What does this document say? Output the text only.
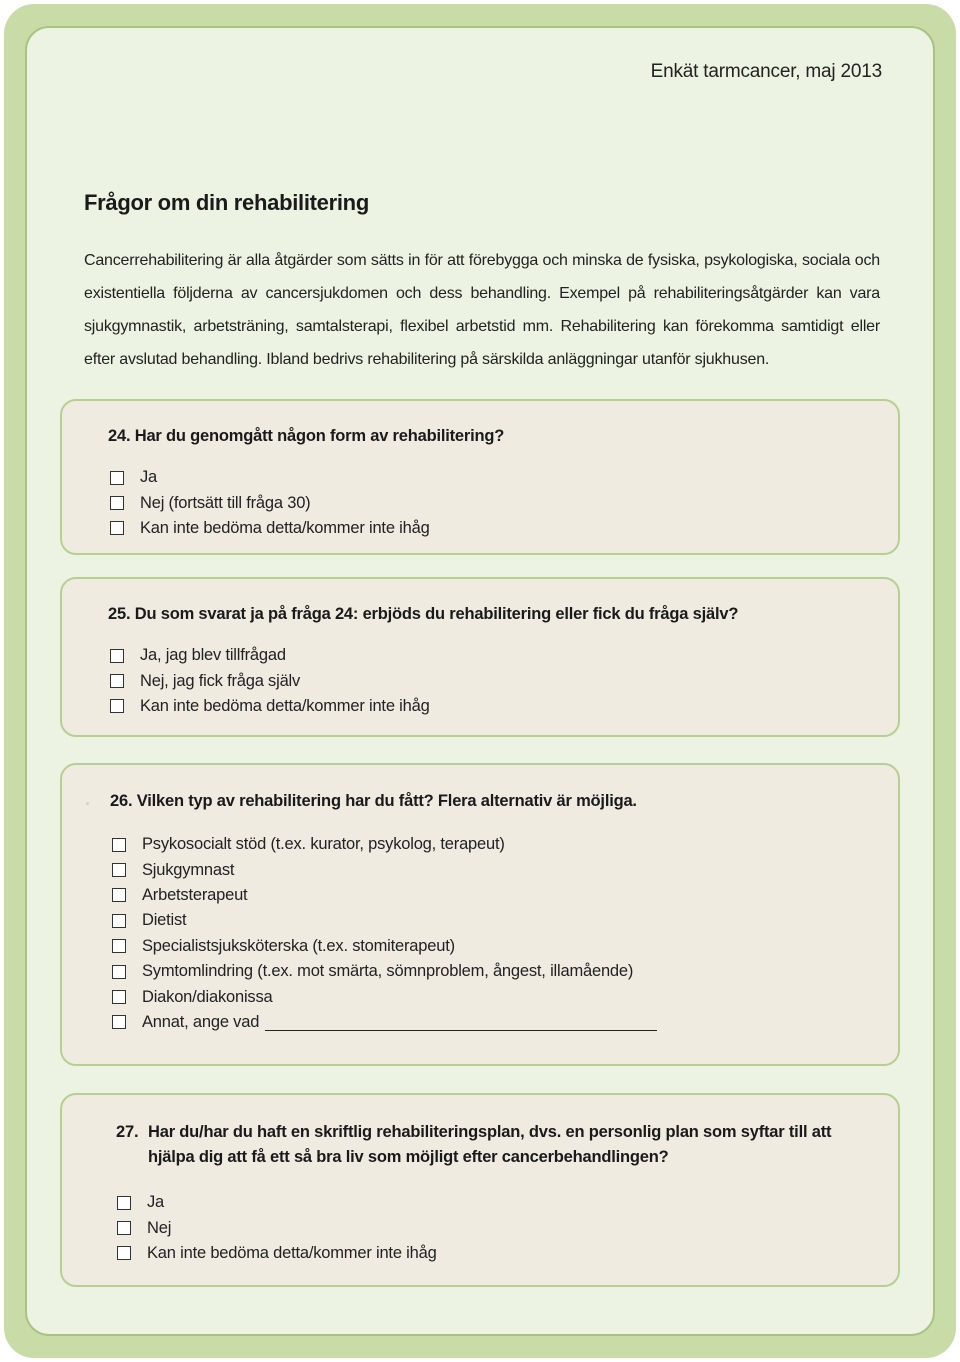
Enkät tarmcancer, maj 2013
Frågor om din rehabilitering
Cancerrehabilitering är alla åtgärder som sätts in för att förebygga och minska de fysiska, psykologiska, sociala och existentiella följderna av cancersjukdomen och dess behandling. Exempel på rehabiliteringsåtgärder kan vara sjukgymnastik, arbetsträning, samtalsterapi, flexibel arbetstid mm. Rehabilitering kan förekomma samtidigt eller efter avslutad behandling. Ibland bedrivs rehabilitering på särskilda anläggningar utanför sjukhusen.
24. Har du genomgått någon form av rehabilitering?
Ja
Nej (fortsätt till fråga 30)
Kan inte bedöma detta/kommer inte ihåg
25. Du som svarat ja på fråga 24: erbjöds du rehabilitering eller fick du fråga själv?
Ja, jag blev tillfrågad
Nej, jag fick fråga själv
Kan inte bedöma detta/kommer inte ihåg
26. Vilken typ av rehabilitering har du fått? Flera alternativ är möjliga.
Psykosocialt stöd (t.ex. kurator, psykolog, terapeut)
Sjukgymnast
Arbetsterapeut
Dietist
Specialistsjuksköterska (t.ex. stomiterapeut)
Symtomlindring (t.ex. mot smärta, sömnproblem, ångest, illamående)
Diakon/diakonissa
Annat, ange vad
27. Har du/har du haft en skriftlig rehabiliteringsplan, dvs. en personlig plan som syftar till att hjälpa dig att få ett så bra liv som möjligt efter cancerbehandlingen?
Ja
Nej
Kan inte bedöma detta/kommer inte ihåg
